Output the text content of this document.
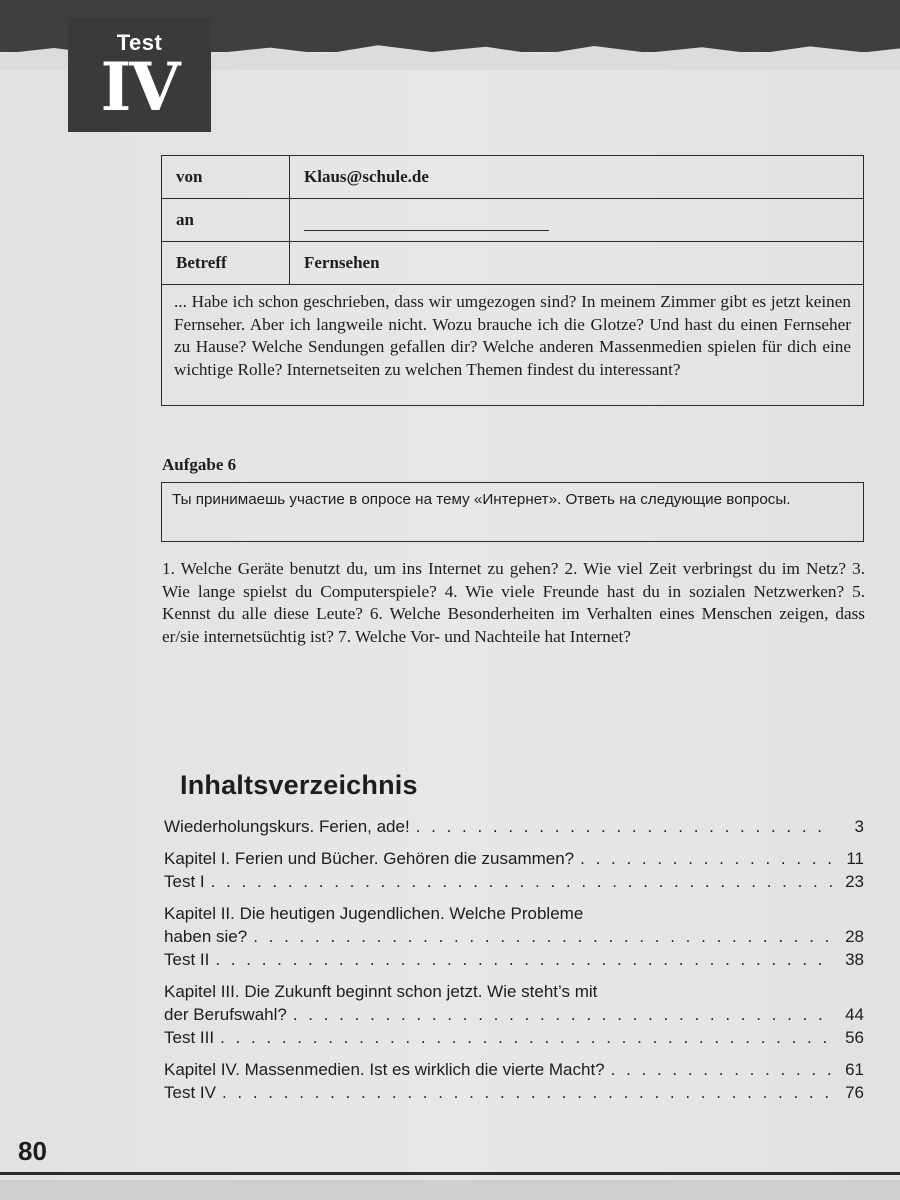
Test
IV
von	Klaus@schule.de
an
Betreff	Fernsehen
... Habe ich schon geschrieben, dass wir umgezogen sind? In meinem Zimmer gibt es jetzt keinen Fernseher. Aber ich langweile nicht. Wozu brauche ich die Glotze? Und hast du einen Fernseher zu Hause? Welche Sendungen gefallen dir? Welche anderen Massenmedien spielen für dich eine wichtige Rolle? Internetseiten zu welchen Themen findest du interessant?
Aufgabe 6
Ты принимаешь участие в опросе на тему «Интернет». Ответь на следующие вопросы.
1. Welche Geräte benutzt du, um ins Internet zu gehen? 2. Wie viel Zeit verbringst du im Netz? 3. Wie lange spielst du Computerspiele? 4. Wie viele Freunde hast du in sozialen Netzwerken? 5. Kennst du alle diese Leute? 6. Welche Besonderheiten im Verhalten eines Menschen zeigen, dass er/sie internetsüchtig ist? 7. Welche Vor- und Nachteile hat Internet?
Inhaltsverzeichnis
Wiederholungskurs. Ferien, ade! . . .	3
Kapitel I. Ferien und Bücher. Gehören die zusammen? . . .	11
Test I . . .	23
Kapitel II. Die heutigen Jugendlichen. Welche Probleme
haben sie? . . .	28
Test II . . .	38
Kapitel III. Die Zukunft beginnt schon jetzt. Wie steht’s mit
der Berufswahl? . . .	44
Test III . . .	56
Kapitel IV. Massenmedien. Ist es wirklich die vierte Macht? . . .	61
Test IV . . .	76
80
